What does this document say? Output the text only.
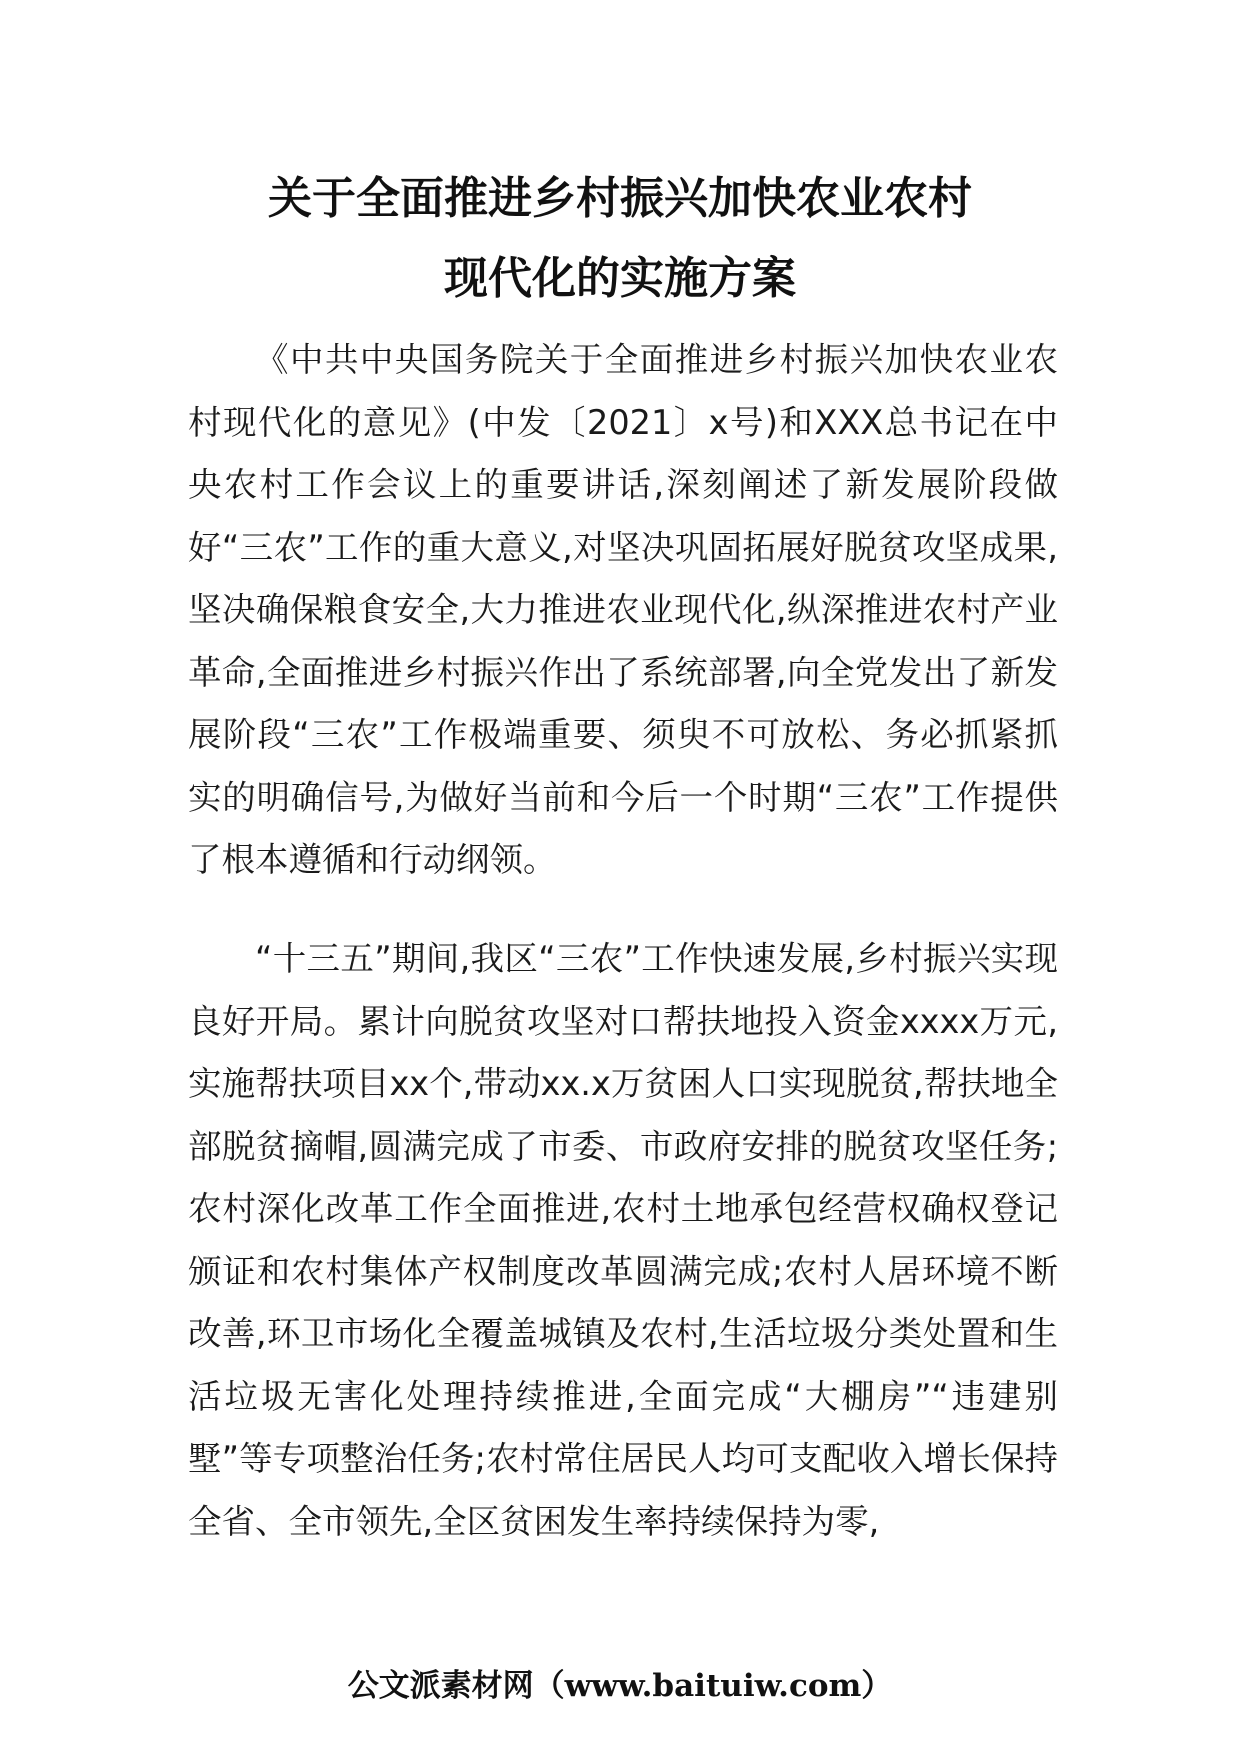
关于全面推进乡村振兴加快农业农村
现代化的实施方案

《中共中央国务院关于全面推进乡村振兴加快农业农村现代化的意见》(中发〔2021〕x号)和XXX总书记在中央农村工作会议上的重要讲话,深刻阐述了新发展阶段做好“三农”工作的重大意义,对坚决巩固拓展好脱贫攻坚成果,坚决确保粮食安全,大力推进农业现代化,纵深推进农村产业革命,全面推进乡村振兴作出了系统部署,向全党发出了新发展阶段“三农”工作极端重要、须臾不可放松、务必抓紧抓实的明确信号,为做好当前和今后一个时期“三农”工作提供了根本遵循和行动纲领。

“十三五”期间,我区“三农”工作快速发展,乡村振兴实现良好开局。累计向脱贫攻坚对口帮扶地投入资金xxxx万元,实施帮扶项目xx个,带动xx.x万贫困人口实现脱贫,帮扶地全部脱贫摘帽,圆满完成了市委、市政府安排的脱贫攻坚任务;农村深化改革工作全面推进,农村土地承包经营权确权登记颁证和农村集体产权制度改革圆满完成;农村人居环境不断改善,环卫市场化全覆盖城镇及农村,生活垃圾分类处置和生活垃圾无害化处理持续推进,全面完成“大棚房”“违建别墅”等专项整治任务;农村常住居民人均可支配收入增长保持全省、全市领先,全区贫困发生率持续保持为零,

公文派素材网（www.baituiw.com）
